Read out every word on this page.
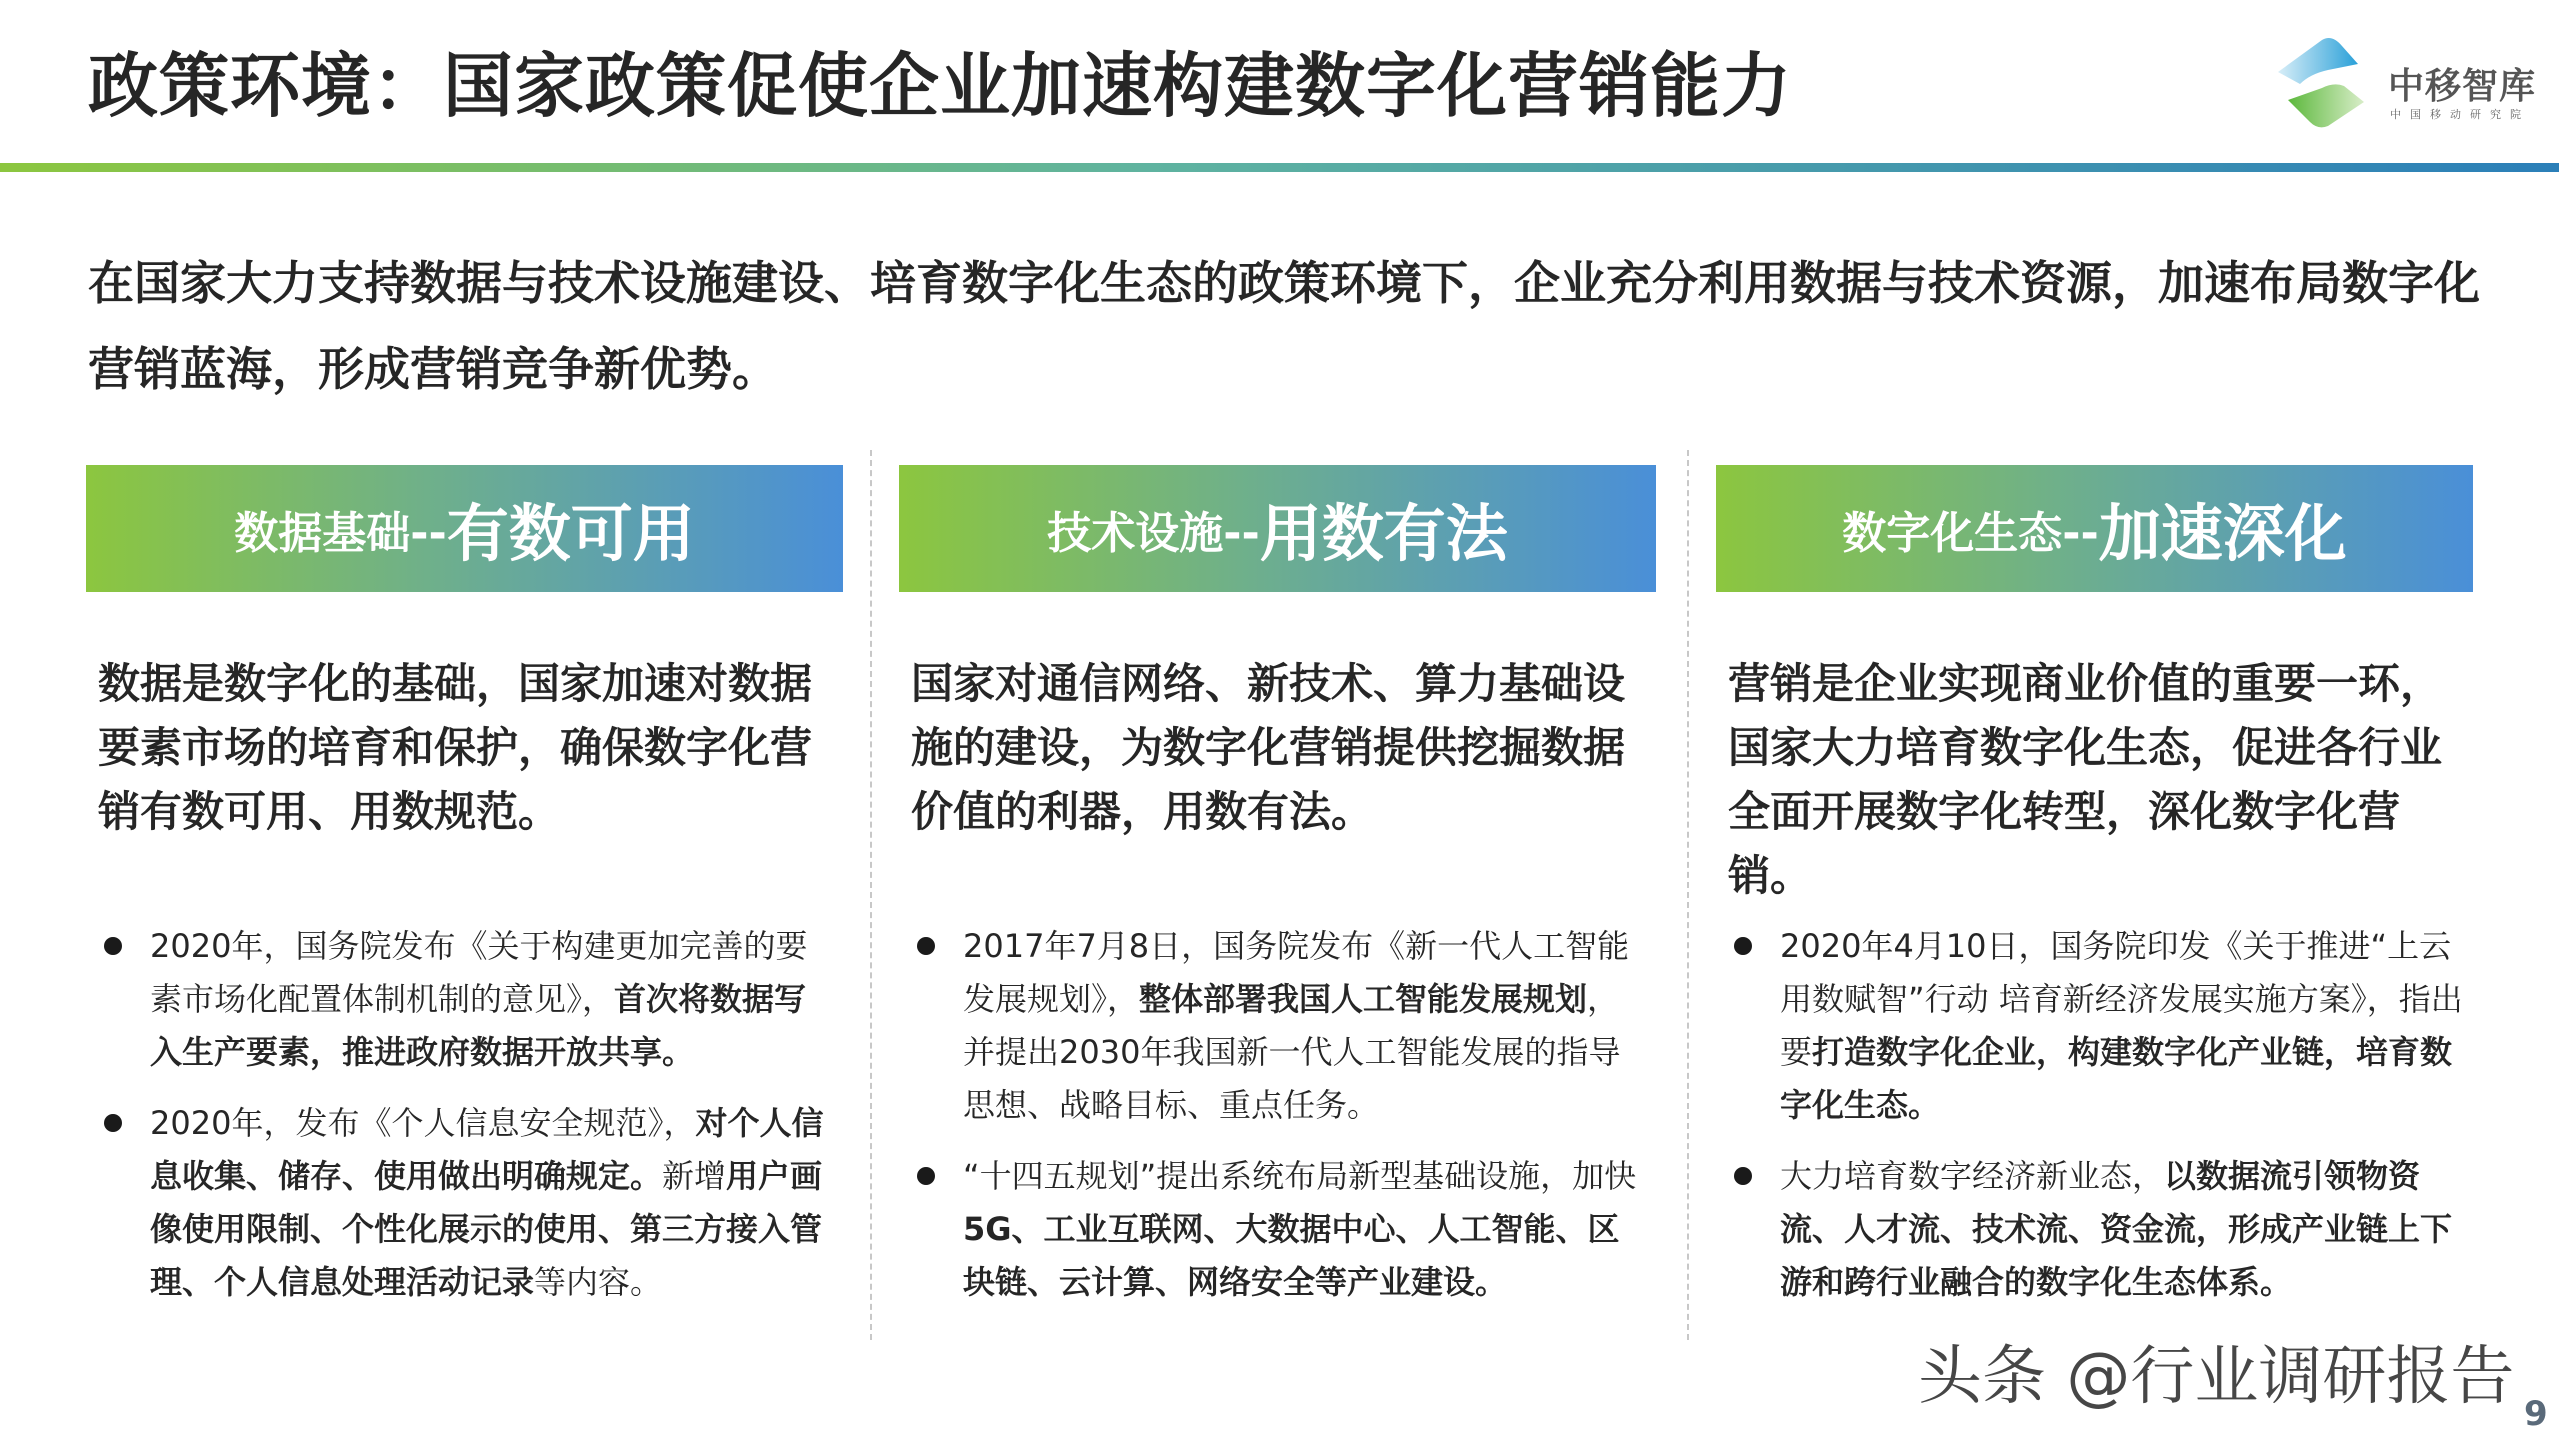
政策环境：国家政策促使企业加速构建数字化营销能力	中移智库
中国移动研究院
在国家大力支持数据与技术设施建设、培育数字化生态的政策环境下，企业充分利用数据与技术资源，加速布局数字化营销蓝海，形成营销竞争新优势。
数据基础-- 有数可用
数据是数字化的基础，国家加速对数据要素市场的培育和保护，确保数字化营销有数可用、用数规范。
2020年，国务院发布《关于构建更加完善的要素市场化配置体制机制的意见》，首次将数据写入生产要素，推进政府数据开放共享。
2020年，发布《个人信息安全规范》，对个人信息收集、储存、使用做出明确规定。新增用户画像使用限制、个性化展示的使用、第三方接入管理、个人信息处理活动记录等内容。
技术设施-- 用数有法
国家对通信网络、新技术、算力基础设施的建设，为数字化营销提供挖掘数据价值的利器，用数有法。
2017年7月8日，国务院发布《新一代人工智能发展规划》，整体部署我国人工智能发展规划，并提出2030年我国新一代人工智能发展的指导思想、战略目标、重点任务。
“十四五规划”提出系统布局新型基础设施，加快5G、工业互联网、大数据中心、人工智能、区块链、云计算、网络安全等产业建设。
数字化生态-- 加速深化
营销是企业实现商业价值的重要一环，国家大力培育数字化生态，促进各行业全面开展数字化转型，深化数字化营销。
2020年4月10日，国务院印发《关于推进“上云用数赋智”行动 培育新经济发展实施方案》，指出要打造数字化企业，构建数字化产业链，培育数字化生态。
大力培育数字经济新业态，以数据流引领物资流、人才流、技术流、资金流，形成产业链上下游和跨行业融合的数字化生态体系。
头条 @行业调研报告 9
